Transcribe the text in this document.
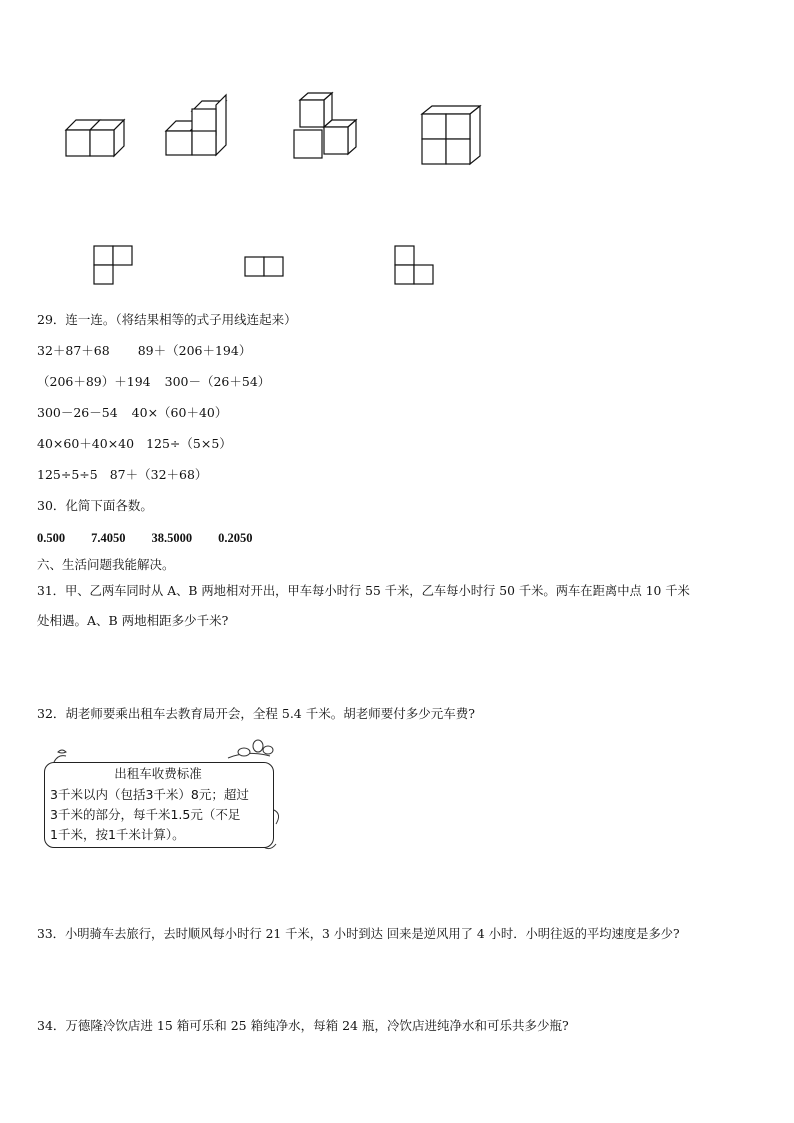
29．连一连。（将结果相等的式子用线连起来）
32＋87＋68 89＋（206＋194）
（206＋89）＋194 300－（26＋54）
300－26－54 40×（60＋40）
40×60＋40×40 125÷（5×5）
125÷5÷5 87＋（32＋68）
30．化简下面各数。
0.500 7.4050 38.5000 0.2050
六、生活问题我能解决。
31．甲、乙两车同时从 A、B 两地相对开出，甲车每小时行 55 千米，乙车每小时行 50 千米。两车在距离中点 10 千米
处相遇。A、B 两地相距多少千米?
32．胡老师要乘出租车去教育局开会，全程 5.4 千米。胡老师要付多少元车费?
出租车收费标准
3千米以内（包括3千米）8元；超过
3千米的部分，每千米1.5元（不足
1千米，按1千米计算）。
33．小明骑车去旅行，去时顺风每小时行 21 千米，3 小时到达 回来是逆风用了 4 小时．小明往返的平均速度是多少?
34．万德隆冷饮店进 15 箱可乐和 25 箱纯净水，每箱 24 瓶，冷饮店进纯净水和可乐共多少瓶?
